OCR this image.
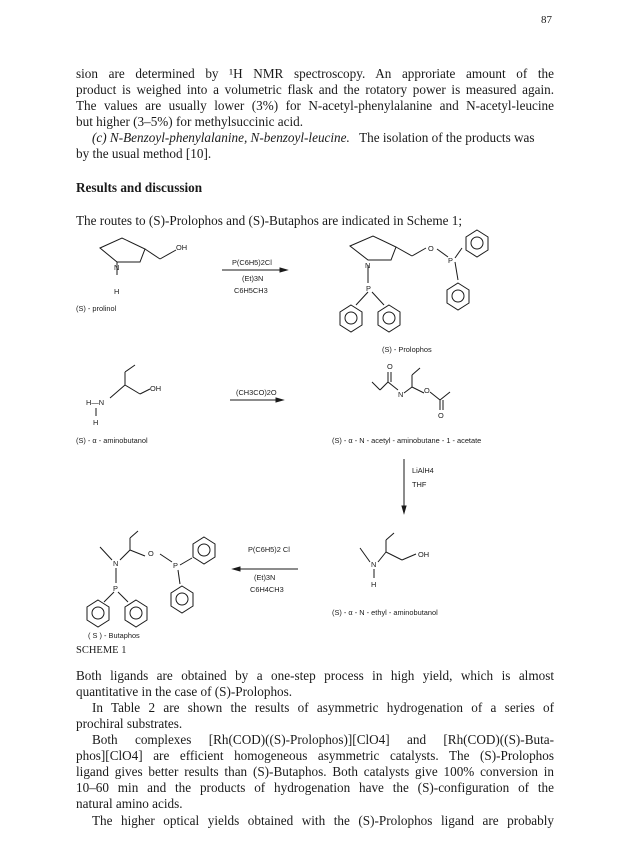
87
sion are determined by ¹H NMR spectroscopy. An approriate amount of the
product is weighed into a volumetric flask and the rotatory power is measured again.
The values are usually lower (3%) for N-acetyl-phenylalanine and N-acetyl-leucine
but higher (3–5%) for methylsuccinic acid.
(c) N-Benzoyl-phenylalanine, N-benzoyl-leucine. The isolation of the products was
by the usual method [10].
Results and discussion
The routes to (S)-Prolophos and (S)-Butaphos are indicated in Scheme 1;
OH
N
H
(S) - prolinol
P(C6H5)2Cl
(Et)3N
C6H5CH3
O
P
N
P
(S) - Prolophos
OH
H—N
H
(S) - α - aminobutanol
(CH3CO)2O
O
N	O
O
(S) - α - N - acetyl - aminobutane - 1 - acetate
LiAlH4
THF
OH
N
H
(S) - α - N - ethyl - aminobutanol
P(C6H5)2 Cl
(Et)3N
C6H4CH3
O
P
N
P
( S ) - Butaphos
SCHEME 1
Both ligands are obtained by a one-step process in high yield, which is almost
quantitative in the case of (S)-Prolophos.
In Table 2 are shown the results of asymmetric hydrogenation of a series of
prochiral substrates.
Both complexes [Rh(COD)((S)-Prolophos)][ClO4] and [Rh(COD)((S)-Buta-
phos][ClO4] are efficient homogeneous asymmetric catalysts. The (S)-Prolophos
ligand gives better results than (S)-Butaphos. Both catalysts give 100% conversion in
10–60 min and the products of hydrogenation have the (S)-configuration of the
natural amino acids.
The higher optical yields obtained with the (S)-Prolophos ligand are probably
